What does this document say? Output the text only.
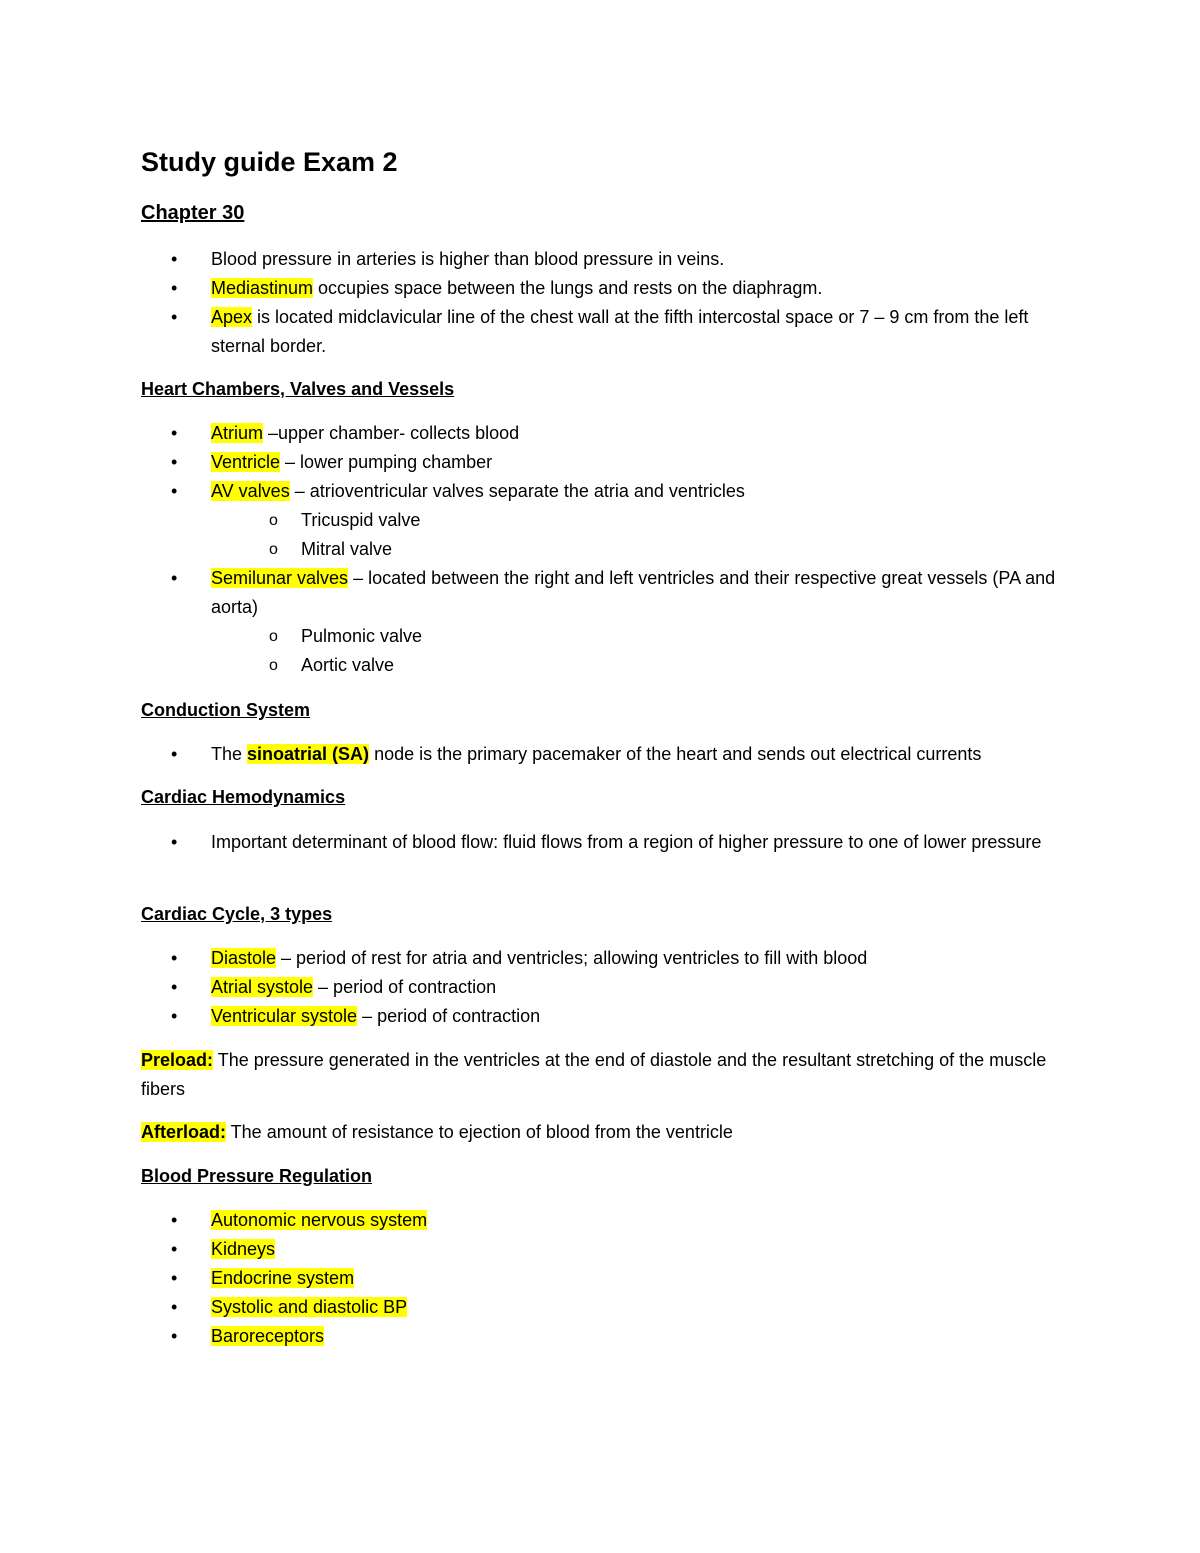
Study guide Exam 2
Chapter 30
• Blood pressure in arteries is higher than blood pressure in veins.
• Mediastinum occupies space between the lungs and rests on the diaphragm.
• Apex is located midclavicular line of the chest wall at the fifth intercostal space or 7 – 9 cm from the left sternal border.
Heart Chambers, Valves and Vessels
• Atrium –upper chamber- collects blood
• Ventricle – lower pumping chamber
• AV valves – atrioventricular valves separate the atria and ventricles
o Tricuspid valve
o Mitral valve
• Semilunar valves – located between the right and left ventricles and their respective great vessels (PA and aorta)
o Pulmonic valve
o Aortic valve
Conduction System
• The sinoatrial (SA) node is the primary pacemaker of the heart and sends out electrical currents
Cardiac Hemodynamics
• Important determinant of blood flow: fluid flows from a region of higher pressure to one of lower pressure
Cardiac Cycle, 3 types
• Diastole – period of rest for atria and ventricles; allowing ventricles to fill with blood
• Atrial systole – period of contraction
• Ventricular systole – period of contraction

Preload: The pressure generated in the ventricles at the end of diastole and the resultant stretching of the muscle fibers

Afterload: The amount of resistance to ejection of blood from the ventricle

Blood Pressure Regulation
• Autonomic nervous system
• Kidneys
• Endocrine system
• Systolic and diastolic BP
• Baroreceptors
